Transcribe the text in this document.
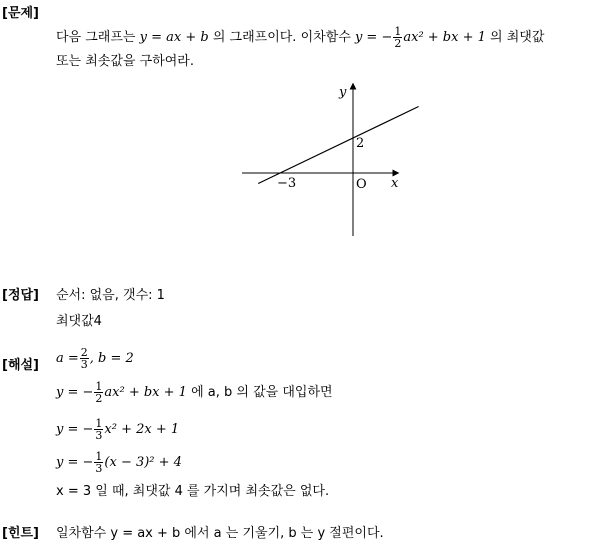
[문제]
다음 그래프는 y = ax + b 의 그래프이다. 이차함수 y = − $\frac{1}{2} ax^2$ + bx + 1 의 최댓값
또는 최솟값을 구하여라.
y
x
2
−3	O
[정답] 순서: 없음, 갯수: 1
최댓값4
[해설] $a = \frac{2}{3}$ , b = 2
y = − $\frac{1}{2} ax^2$ + bx + 1 에 a, b 의 값을 대입하면
y = − $\frac{1}{3} x^2 + 2x + 1$
y = − $\frac{1}{3} (x - 3)^2 + 4$
x = 3 일 때, 최댓값 4 를 가지며 최솟값은 없다.
[힌트] 일차함수 y = ax + b 에서 a 는 기울기, b 는 y 절편이다.
